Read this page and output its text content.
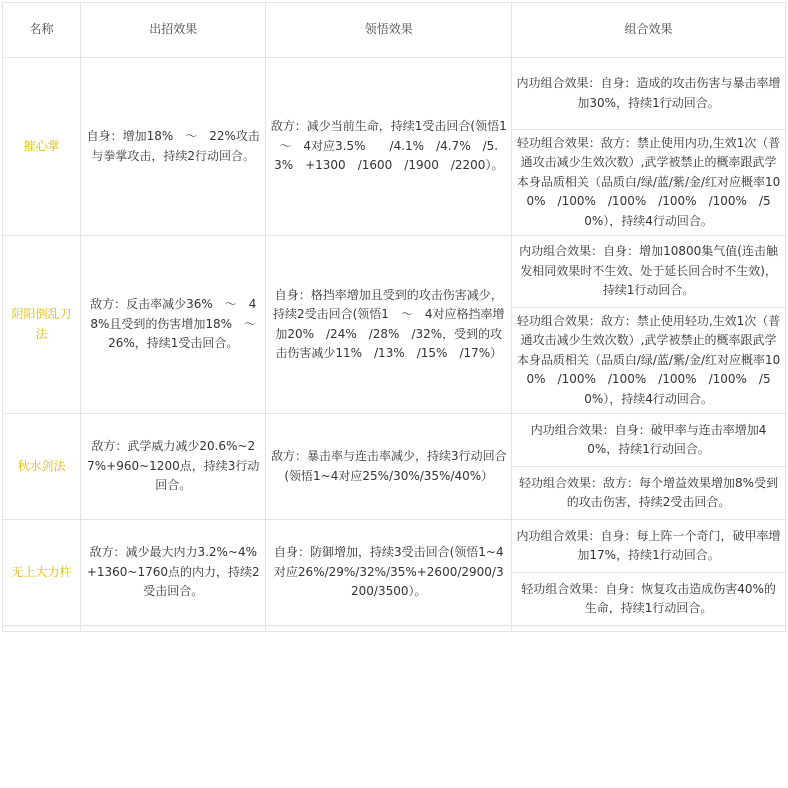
名称	出招效果	领悟效果	组合效果
摧心掌	自身：增加18%　～　22%攻击与拳掌攻击，持续2行动回合。	敌方：减少当前生命，持续1受击回合(领悟1　～　4对应3.5%　　/4.1%　/4.7%　/5.3%　+1300　/1600　/1900　/2200）。	内功组合效果：自身：造成的攻击伤害与暴击率增加30%，持续1行动回合。
			轻功组合效果：敌方：禁止使用内功,生效1次（普通攻击减少生效次数）,武学被禁止的概率跟武学本身品质相关（品质白/绿/蓝/紫/金/红对应概率100%　/100%　/100%　/100%　/100%　/50%），持续4行动回合。
阴阳倒乱刀法	敌方：反击率减少36%　～　48%且受到的伤害增加18%　～　26%，持续1受击回合。	自身：格挡率增加且受到的攻击伤害减少，持续2受击回合(领悟1　～　4对应格挡率增加20%　/24%　/28%　/32%，受到的攻击伤害减少11%　/13%　/15%　/17%）	内功组合效果：自身：增加10800集气值(连击触发相同效果时不生效、处于延长回合时不生效)，持续1行动回合。
			轻功组合效果：敌方：禁止使用轻功,生效1次（普通攻击减少生效次数）,武学被禁止的概率跟武学本身品质相关（品质白/绿/蓝/紫/金/红对应概率100%　/100%　/100%　/100%　/100%　/50%），持续4行动回合。
秋水剑法	敌方：武学威力减少20.6%~27%+960~1200点，持续3行动回合。	敌方：暴击率与连击率减少，持续3行动回合(领悟1~4对应25%/30%/35%/40%）	内功组合效果：自身：破甲率与连击率增加40%，持续1行动回合。
			轻功组合效果：敌方：每个增益效果增加8%受到的攻击伤害，持续2受击回合。
无上大力杵	敌方：减少最大内力3.2%~4%+1360~1760点的内力，持续2受击回合。	自身：防御增加，持续3受击回合(领悟1~4对应26%/29%/32%/35%+2600/2900/3200/3500）。	内功组合效果：自身：每上阵一个奇门，破甲率增加17%，持续1行动回合。
			轻功组合效果：自身：恢复攻击造成伤害40%的生命，持续1行动回合。
